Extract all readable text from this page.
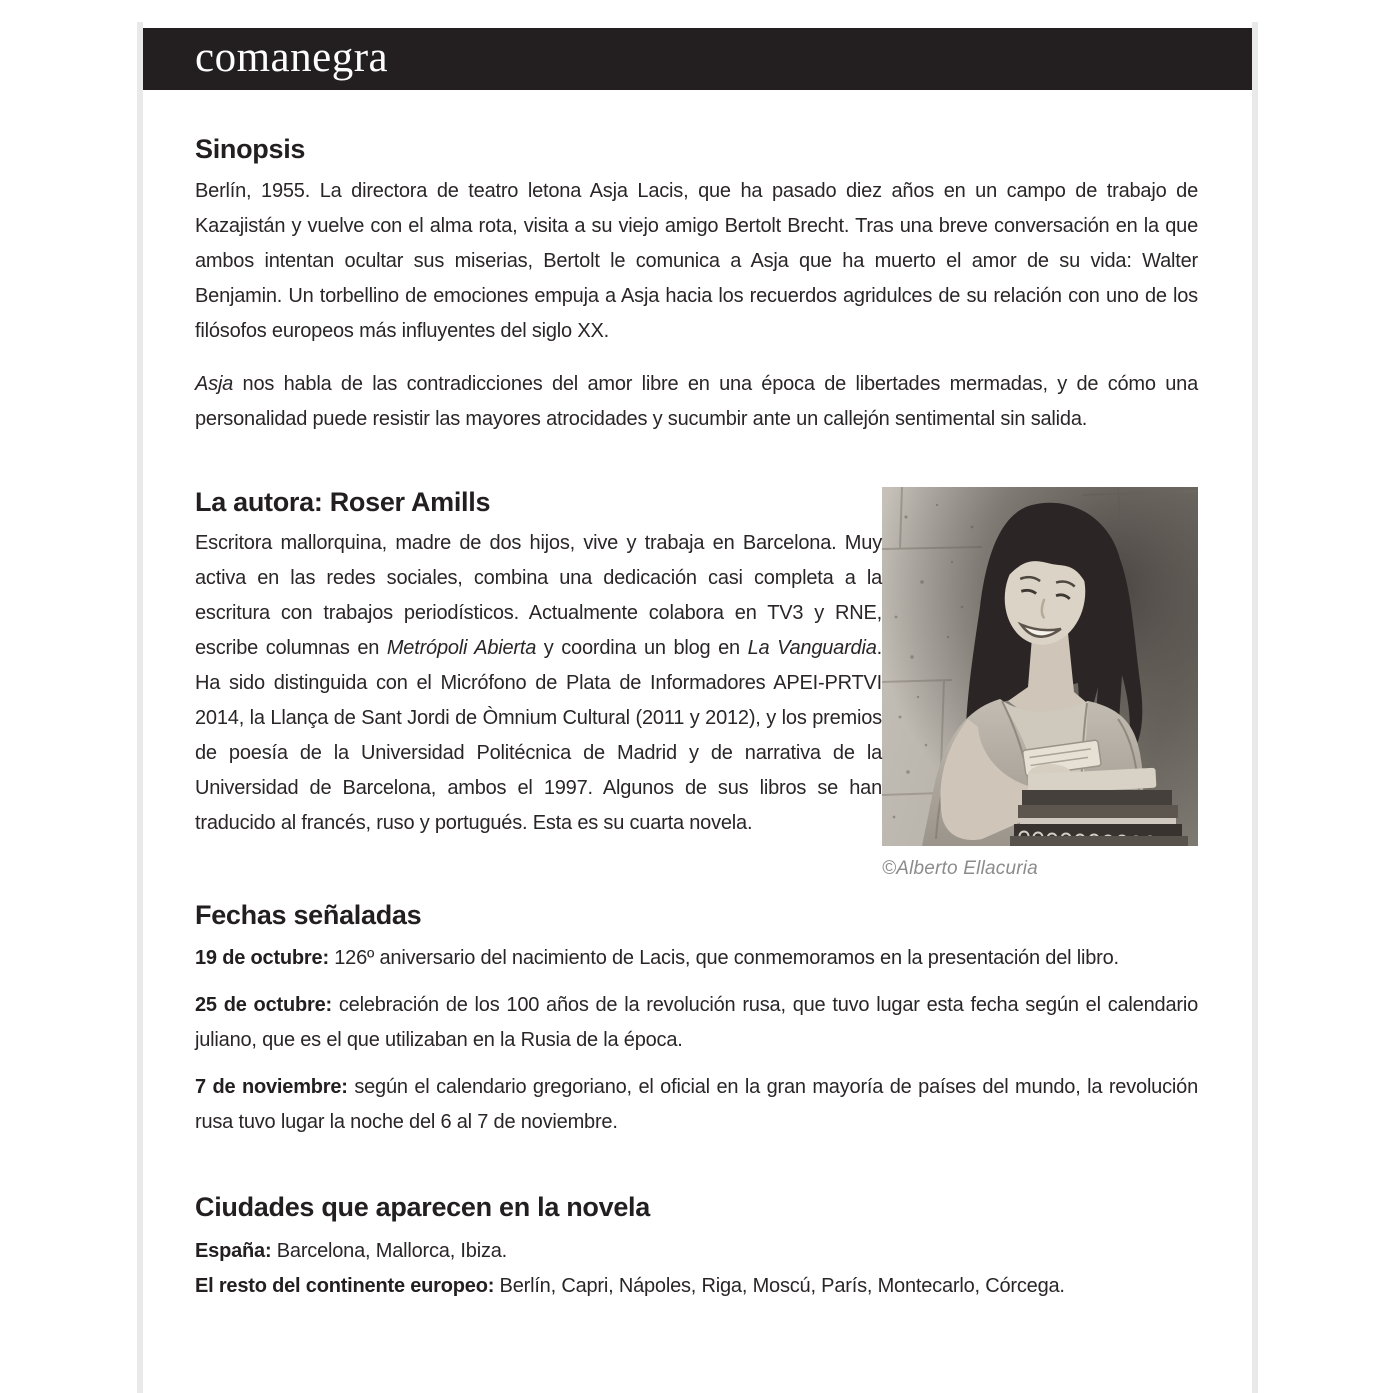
comanegra
Sinopsis

Berlín, 1955. La directora de teatro letona Asja Lacis, que ha pasado diez años en un campo de trabajo de Kazajistán y vuelve con el alma rota, visita a su viejo amigo Bertolt Brecht. Tras una breve conversación en la que ambos intentan ocultar sus miserias, Bertolt le comunica a Asja que ha muerto el amor de su vida: Walter Benjamin. Un torbellino de emociones empuja a Asja hacia los recuerdos agridulces de su relación con uno de los filósofos europeos más influyentes del siglo XX.

Asja nos habla de las contradicciones del amor libre en una época de libertades mermadas, y de cómo una personalidad puede resistir las mayores atrocidades y sucumbir ante un callejón sentimental sin salida.

©Alberto Ellacuria
La autora: Roser Amills

Escritora mallorquina, madre de dos hijos, vive y trabaja en Barcelona. Muy activa en las redes sociales, combina una dedicación casi completa a la escritura con trabajos periodísticos. Actualmente colabora en TV3 y RNE, escribe columnas en Metrópoli Abierta y coordina un blog en La Vanguardia. Ha sido distinguida con el Micrófono de Plata de Informadores APEI-PRTVI 2014, la Llança de Sant Jordi de Òmnium Cultural (2011 y 2012), y los premios de poesía de la Universidad Politécnica de Madrid y de narrativa de la Universidad de Barcelona, ambos el 1997. Algunos de sus libros se han traducido al francés, ruso y portugués. Esta es su cuarta novela.

Fechas señaladas

19 de octubre: 126º aniversario del nacimiento de Lacis, que conmemoramos en la presentación del libro.

25 de octubre: celebración de los 100 años de la revolución rusa, que tuvo lugar esta fecha según el calendario juliano, que es el que utilizaban en la Rusia de la época.

7 de noviembre: según el calendario gregoriano, el oficial en la gran mayoría de países del mundo, la revolución rusa tuvo lugar la noche del 6 al 7 de noviembre.

Ciudades que aparecen en la novela

España: Barcelona, Mallorca, Ibiza.

El resto del continente europeo: Berlín, Capri, Nápoles, Riga, Moscú, París, Montecarlo, Córcega.
